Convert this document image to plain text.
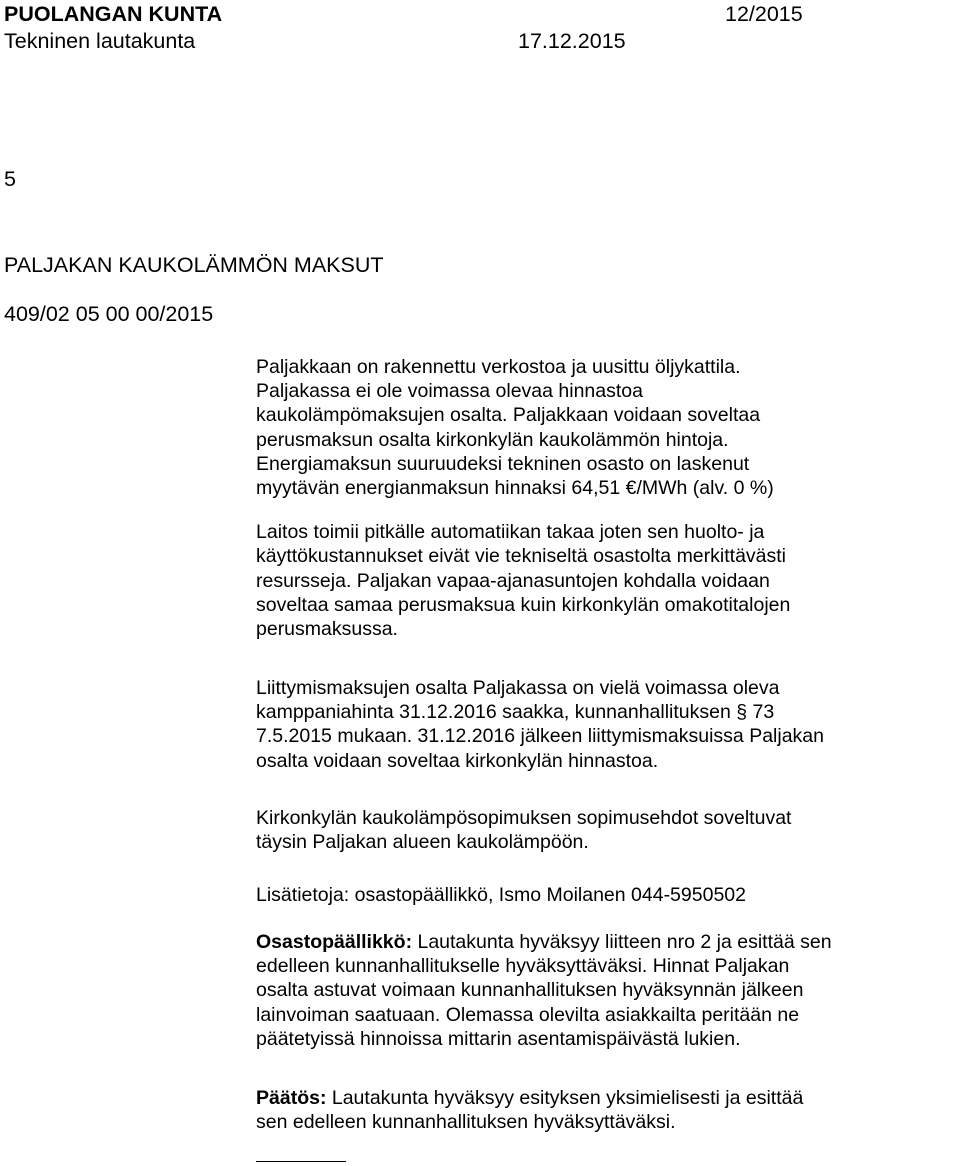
PUOLANGAN KUNTA	12/2015
Tekninen lautakunta	17.12.2015
5
PALJAKAN KAUKOLÄMMÖN MAKSUT
409/02 05 00 00/2015
Paljakkaan on rakennettu verkostoa ja uusittu öljykattila.
Paljakassa ei ole voimassa olevaa hinnastoa
kaukolämpömaksujen osalta. Paljakkaan voidaan soveltaa
perusmaksun osalta kirkonkylän kaukolämmön hintoja.
Energiamaksun suuruudeksi tekninen osasto on laskenut
myytävän energianmaksun hinnaksi 64,51 €/MWh (alv. 0 %)
Laitos toimii pitkälle automatiikan takaa joten sen huolto- ja
käyttökustannukset eivät vie tekniseltä osastolta merkittävästi
resursseja. Paljakan vapaa-ajanasuntojen kohdalla voidaan
soveltaa samaa perusmaksua kuin kirkonkylän omakotitalojen
perusmaksussa.
Liittymismaksujen osalta Paljakassa on vielä voimassa oleva
kamppaniahinta 31.12.2016 saakka, kunnanhallituksen § 73
7.5.2015 mukaan. 31.12.2016 jälkeen liittymismaksuissa Paljakan
osalta voidaan soveltaa kirkonkylän hinnastoa.
Kirkonkylän kaukolämpösopimuksen sopimusehdot soveltuvat
täysin Paljakan alueen kaukolämpöön.
Lisätietoja: osastopäällikkö, Ismo Moilanen 044-5950502
Osastopäällikkö: Lautakunta hyväksyy liitteen nro 2 ja esittää sen
edelleen kunnanhallitukselle hyväksyttäväksi. Hinnat Paljakan
osalta astuvat voimaan kunnanhallituksen hyväksynnän jälkeen
lainvoiman saatuaan. Olemassa olevilta asiakkailta peritään ne
päätetyissä hinnoissa mittarin asentamispäivästä lukien.
Päätös: Lautakunta hyväksyy esityksen yksimielisesti ja esittää
sen edelleen kunnanhallituksen hyväksyttäväksi.
